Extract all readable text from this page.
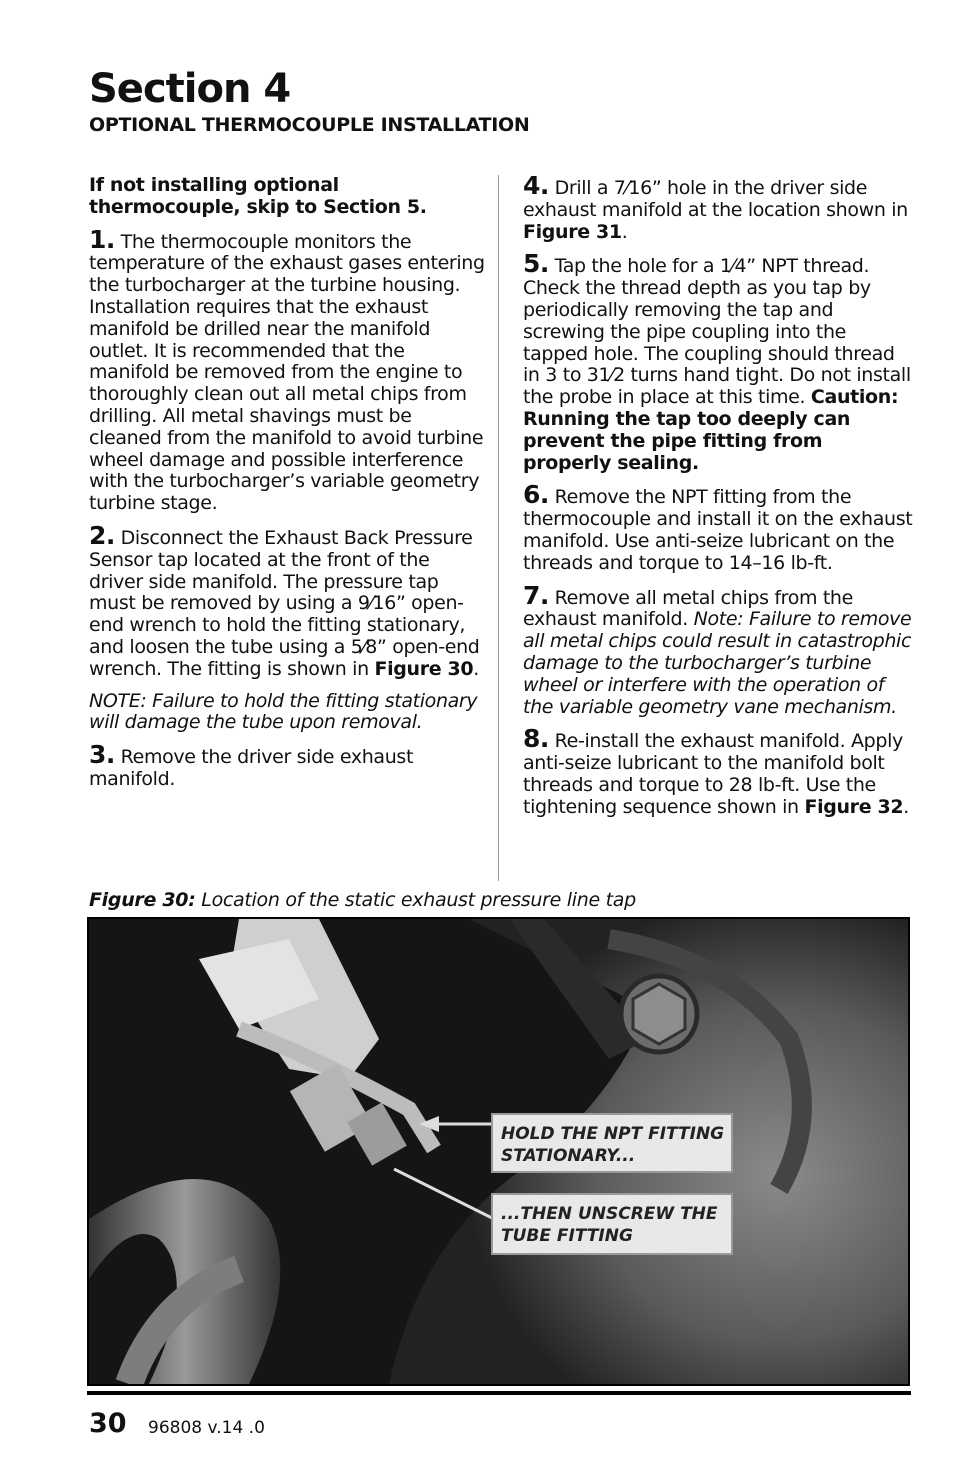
Section 4
OPTIONAL THERMOCOUPLE INSTALLATION

If not installing optional thermocouple, skip to Section 5.

1. The thermocouple monitors the temperature of the exhaust gases entering the turbocharger at the turbine housing. Installation requires that the exhaust manifold be drilled near the manifold outlet. It is recommended that the manifold be removed from the engine to thoroughly clean out all metal chips from drilling. All metal shavings must be cleaned from the manifold to avoid turbine wheel damage and possible interference with the turbocharger’s variable geometry turbine stage.

2. Disconnect the Exhaust Back Pressure Sensor tap located at the front of the driver side manifold. The pressure tap must be removed by using a 9⁄16” open-end wrench to hold the fitting stationary, and loosen the tube using a 5⁄8” open-end wrench. The fitting is shown in Figure 30.

NOTE: Failure to hold the fitting stationary will damage the tube upon removal.

3. Remove the driver side exhaust manifold.

4. Drill a 7⁄16” hole in the driver side exhaust manifold at the location shown in Figure 31.

5. Tap the hole for a 1⁄4” NPT thread. Check the thread depth as you tap by periodically removing the tap and screwing the pipe coupling into the tapped hole. The coupling should thread in 3 to 31⁄2 turns hand tight. Do not install the probe in place at this time. Caution: Running the tap too deeply can prevent the pipe fitting from properly sealing.

6. Remove the NPT fitting from the thermocouple and install it on the exhaust manifold. Use anti-seize lubricant on the threads and torque to 14–16 lb-ft.

7. Remove all metal chips from the exhaust manifold. Note: Failure to remove all metal chips could result in catastrophic damage to the turbocharger’s turbine wheel or interfere with the operation of the variable geometry vane mechanism.

8. Re-install the exhaust manifold. Apply anti-seize lubricant to the manifold bolt threads and torque to 28 lb-ft. Use the tightening sequence shown in Figure 32.

Figure 30: Location of the static exhaust pressure line tap

HOLD THE NPT FITTING
STATIONARY...
...THEN UNSCREW THE
TUBE FITTING
30 96808 v.14 .0
